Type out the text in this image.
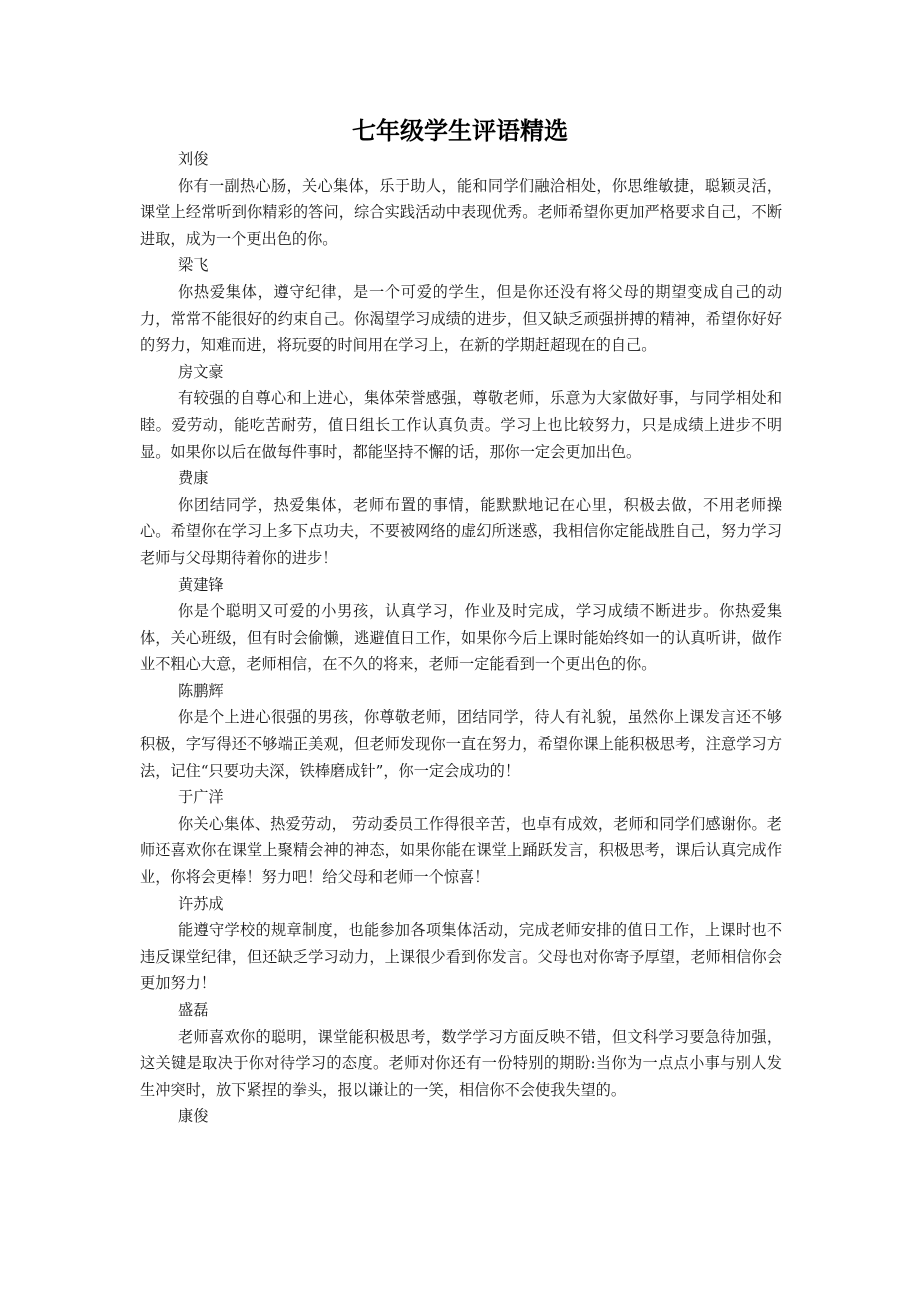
七年级学生评语精选

刘俊

你有一副热心肠，关心集体，乐于助人，能和同学们融洽相处，你思维敏捷，聪颖灵活，课堂上经常听到你精彩的答问，综合实践活动中表现优秀。老师希望你更加严格要求自己，不断进取，成为一个更出色的你。

梁飞

你热爱集体，遵守纪律，是一个可爱的学生，但是你还没有将父母的期望变成自己的动力，常常不能很好的约束自己。你渴望学习成绩的进步，但又缺乏顽强拼搏的精神，希望你好好的努力，知难而进，将玩耍的时间用在学习上，在新的学期赶超现在的自己。

房文豪

有较强的自尊心和上进心，集体荣誉感强，尊敬老师，乐意为大家做好事，与同学相处和睦。爱劳动，能吃苦耐劳，值日组长工作认真负责。学习上也比较努力，只是成绩上进步不明显。如果你以后在做每件事时，都能坚持不懈的话，那你一定会更加出色。

费康

你团结同学，热爱集体，老师布置的事情，能默默地记在心里，积极去做，不用老师操心。希望你在学习上多下点功夫，不要被网络的虚幻所迷惑，我相信你定能战胜自己，努力学习老师与父母期待着你的进步！

黄建锋

你是个聪明又可爱的小男孩，认真学习，作业及时完成，学习成绩不断进步。你热爱集体，关心班级，但有时会偷懒，逃避值日工作，如果你今后上课时能始终如一的认真听讲，做作业不粗心大意，老师相信，在不久的将来，老师一定能看到一个更出色的你。

陈鹏辉

你是个上进心很强的男孩，你尊敬老师，团结同学，待人有礼貌，虽然你上课发言还不够积极，字写得还不够端正美观，但老师发现你一直在努力，希望你课上能积极思考，注意学习方法，记住“只要功夫深，铁棒磨成针”，你一定会成功的！

于广洋

你关心集体、热爱劳动， 劳动委员工作得很辛苦，也卓有成效，老师和同学们感谢你。老师还喜欢你在课堂上聚精会神的神态，如果你能在课堂上踊跃发言，积极思考，课后认真完成作业，你将会更棒！努力吧！给父母和老师一个惊喜！

许苏成

能遵守学校的规章制度，也能参加各项集体活动，完成老师安排的值日工作，上课时也不违反课堂纪律，但还缺乏学习动力，上课很少看到你发言。父母也对你寄予厚望，老师相信你会更加努力！

盛磊

老师喜欢你的聪明，课堂能积极思考，数学学习方面反映不错，但文科学习要急待加强，这关键是取决于你对待学习的态度。老师对你还有一份特别的期盼:当你为一点点小事与别人发生冲突时，放下紧捏的拳头，报以谦让的一笑，相信你不会使我失望的。

康俊
